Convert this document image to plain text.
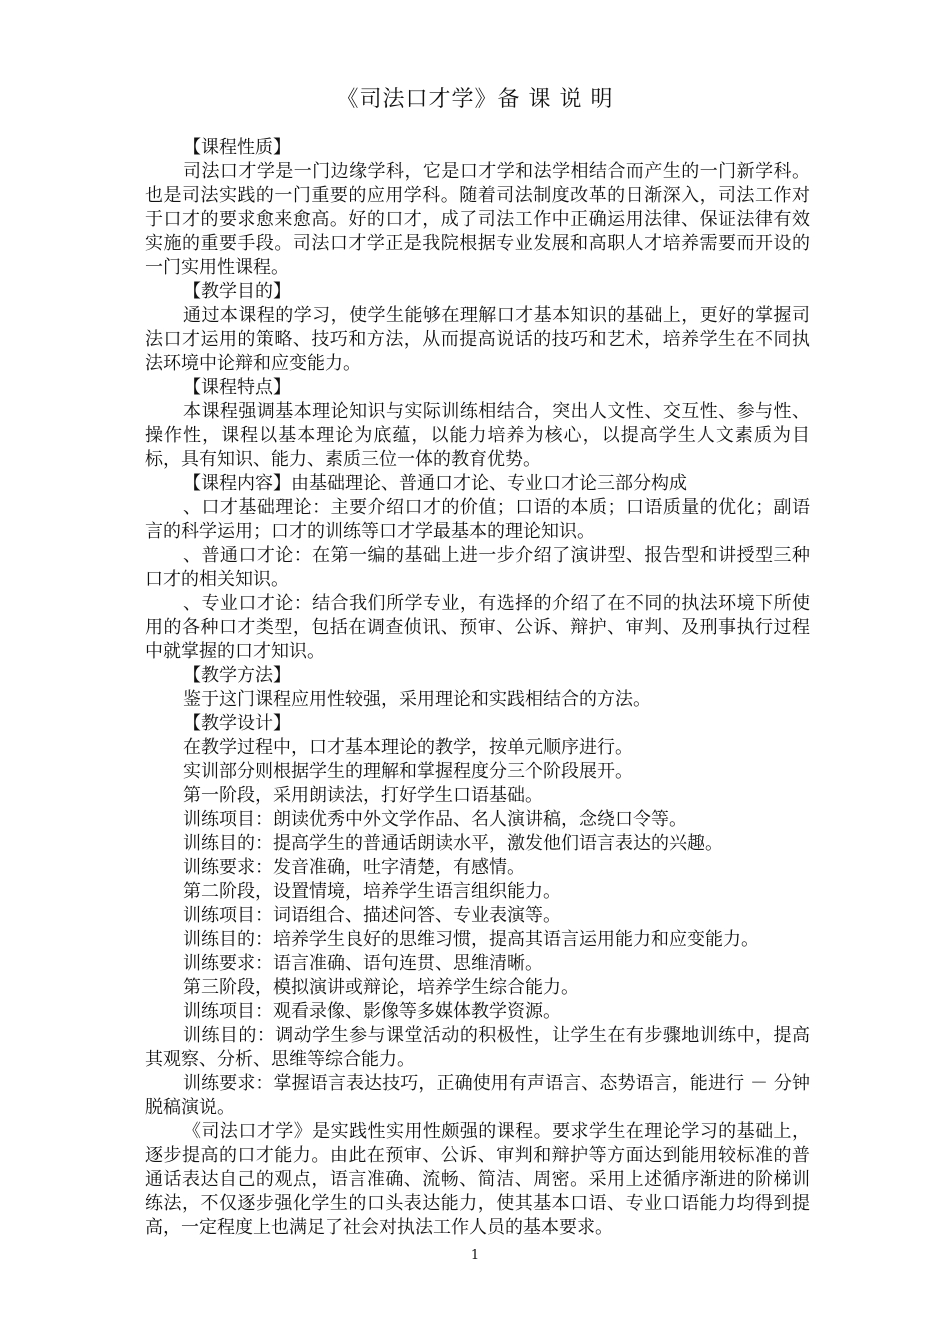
《司法口才学》备 课 说 明

【课程性质】

司法口才学是一门边缘学科，它是口才学和法学相结合而产生的一门新学科。也是司法实践的一门重要的应用学科。随着司法制度改革的日渐深入，司法工作对于口才的要求愈来愈高。好的口才，成了司法工作中正确运用法律、保证法律有效实施的重要手段。司法口才学正是我院根据专业发展和高职人才培养需要而开设的一门实用性课程。

【教学目的】

通过本课程的学习，使学生能够在理解口才基本知识的基础上，更好的掌握司法口才运用的策略、技巧和方法，从而提高说话的技巧和艺术，培养学生在不同执法环境中论辩和应变能力。

【课程特点】

本课程强调基本理论知识与实际训练相结合，突出人文性、交互性、参与性、操作性，课程以基本理论为底蕴，以能力培养为核心，以提高学生人文素质为目标，具有知识、能力、素质三位一体的教育优势。

【课程内容】由基础理论、普通口才论、专业口才论三部分构成

、口才基础理论：主要介绍口才的价值；口语的本质；口语质量的优化；副语言的科学运用；口才的训练等口才学最基本的理论知识。

、普通口才论：在第一编的基础上进一步介绍了演讲型、报告型和讲授型三种口才的相关知识。

、专业口才论：结合我们所学专业，有选择的介绍了在不同的执法环境下所使用的各种口才类型，包括在调查侦讯、预审、公诉、辩护、审判、及刑事执行过程中就掌握的口才知识。

【教学方法】

鉴于这门课程应用性较强，采用理论和实践相结合的方法。

【教学设计】

在教学过程中，口才基本理论的教学，按单元顺序进行。

实训部分则根据学生的理解和掌握程度分三个阶段展开。

第一阶段，采用朗读法，打好学生口语基础。

训练项目：朗读优秀中外文学作品、名人演讲稿，念绕口令等。

训练目的：提高学生的普通话朗读水平，激发他们语言表达的兴趣。

训练要求：发音准确，吐字清楚，有感情。

第二阶段，设置情境，培养学生语言组织能力。

训练项目：词语组合、描述问答、专业表演等。

训练目的：培养学生良好的思维习惯，提高其语言运用能力和应变能力。

训练要求：语言准确、语句连贯、思维清晰。

第三阶段，模拟演讲或辩论，培养学生综合能力。

训练项目：观看录像、影像等多媒体教学资源。

训练目的：调动学生参与课堂活动的积极性，让学生在有步骤地训练中，提高其观察、分析、思维等综合能力。

训练要求：掌握语言表达技巧，正确使用有声语言、态势语言，能进行 － 分钟脱稿演说。

《司法口才学》是实践性实用性颇强的课程。要求学生在理论学习的基础上，逐步提高的口才能力。由此在预审、公诉、审判和辩护等方面达到能用较标准的普通话表达自己的观点，语言准确、流畅、简洁、周密。采用上述循序渐进的阶梯训练法，不仅逐步强化学生的口头表达能力，使其基本口语、专业口语能力均得到提高，一定程度上也满足了社会对执法工作人员的基本要求。

1
